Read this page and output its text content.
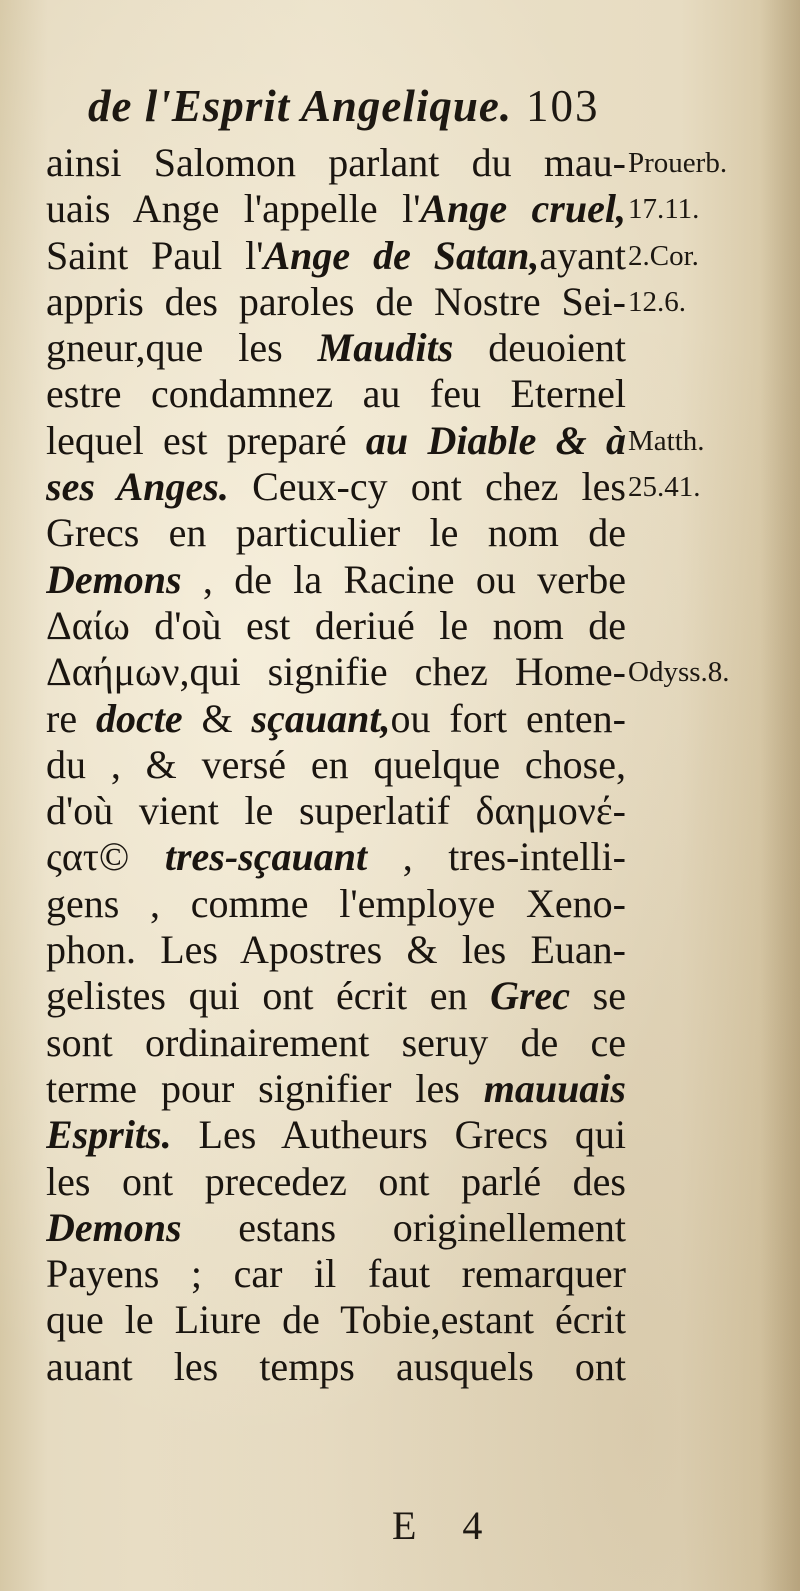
de l'Esprit Angelique. 103
ainsi Salomon parlant du mau-
uais Ange l'appelle l'Ange cruel,
Saint Paul l'Ange de Satan,ayant
appris des paroles de Nostre Sei-
gneur,que les Maudits deuoient
estre condamnez au feu Eternel
lequel est preparé au Diable & à
ses Anges. Ceux-cy ont chez les
Grecs en particulier le nom de
Demons , de la Racine ou verbe
Δαίω d'où est deriué le nom de
Δαήμων,qui signifie chez Home-
re docte & sçauant,ou fort enten-
du , & versé en quelque chose,
d'où vient le superlatif δαημονέ-
ςατ© tres-sçauant , tres-intelli-
gens , comme l'employe Xeno-
phon. Les Apostres & les Euan-
gelistes qui ont écrit en Grec se
sont ordinairement seruy de ce
terme pour signifier les mauuais
Esprits. Les Autheurs Grecs qui
les ont precedez ont parlé des
Demons estans originellement
Payens ; car il faut remarquer
que le Liure de Tobie,estant écrit
auant les temps ausquels ont
Prouerb.
17.11.
2.Cor.
12.6.
Matth.
25.41.
Odyss.8.
E 4
